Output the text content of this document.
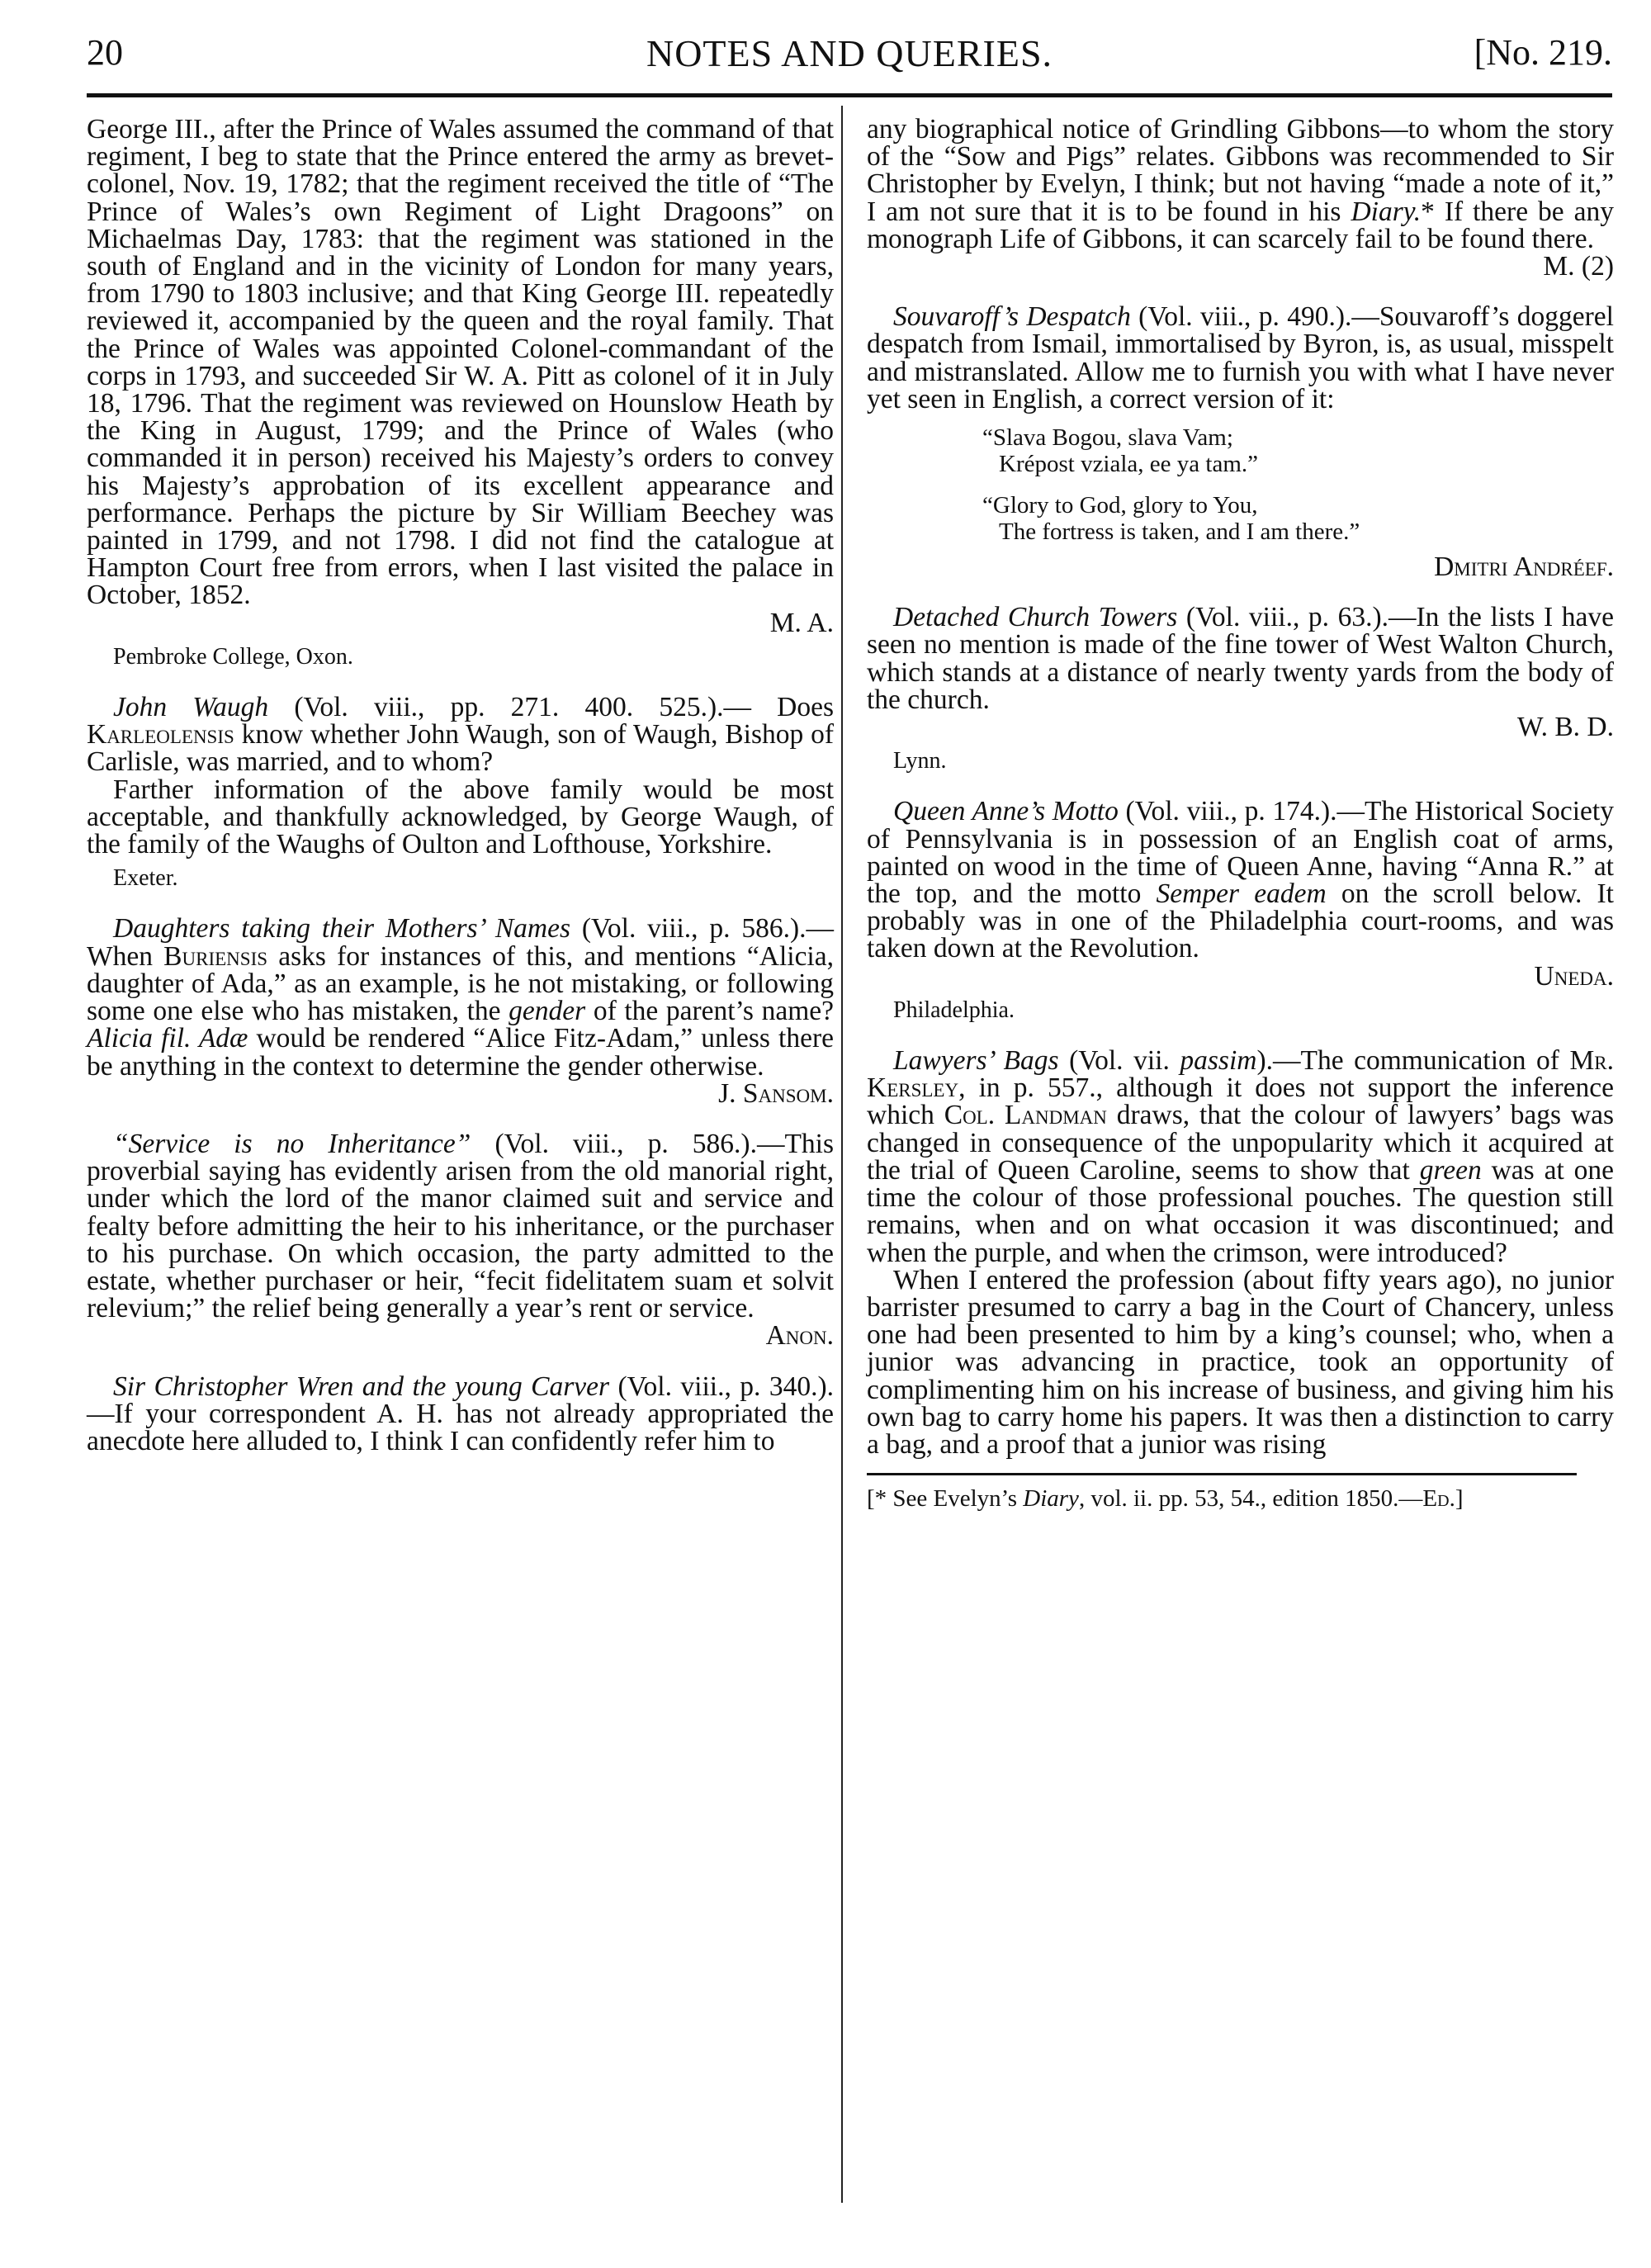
20	NOTES AND QUERIES.	[No. 219.

George III., after the Prince of Wales assumed the command of that regiment, I beg to state that the Prince entered the army as brevet-colonel, Nov. 19, 1782; that the regiment received the title of “The Prince of Wales’s own Regiment of Light Dragoons” on Michaelmas Day, 1783: that the regiment was stationed in the south of England and in the vicinity of London for many years, from 1790 to 1803 inclusive; and that King George III. repeatedly reviewed it, accompanied by the queen and the royal family. That the Prince of Wales was appointed Colonel-commandant of the corps in 1793, and succeeded Sir W. A. Pitt as colonel of it in July 18, 1796. That the regiment was reviewed on Hounslow Heath by the King in August, 1799; and the Prince of Wales (who commanded it in person) received his Majesty’s orders to convey his Majesty’s approbation of its excellent appearance and performance. Perhaps the picture by Sir William Beechey was painted in 1799, and not 1798. I did not find the catalogue at Hampton Court free from errors, when I last visited the palace in October, 1852.

M. A.
Pembroke College, Oxon.

John Waugh (Vol. viii., pp. 271. 400. 525.).— Does Karleolensis know whether John Waugh, son of Waugh, Bishop of Carlisle, was married, and to whom?

Farther information of the above family would be most acceptable, and thankfully acknowledged, by George Waugh, of the family of the Waughs of Oulton and Lofthouse, Yorkshire.

Exeter.

Daughters taking their Mothers’ Names (Vol. viii., p. 586.).—When Buriensis asks for instances of this, and mentions “Alicia, daughter of Ada,” as an example, is he not mistaking, or following some one else who has mistaken, the gender of the parent’s name? Alicia fil. Adæ would be rendered “Alice Fitz-Adam,” unless there be anything in the context to determine the gender otherwise.

J. Sansom.

“Service is no Inheritance” (Vol. viii., p. 586.).—This proverbial saying has evidently arisen from the old manorial right, under which the lord of the manor claimed suit and service and fealty before admitting the heir to his inheritance, or the purchaser to his purchase. On which occasion, the party admitted to the estate, whether purchaser or heir, “fecit fidelitatem suam et solvit relevium;” the relief being generally a year’s rent or service.

Anon.

Sir Christopher Wren and the young Carver (Vol. viii., p. 340.).—If your correspondent A. H. has not already appropriated the anecdote here alluded to, I think I can confidently refer him to

any biographical notice of Grindling Gibbons—to whom the story of the “Sow and Pigs” relates. Gibbons was recommended to Sir Christopher by Evelyn, I think; but not having “made a note of it,” I am not sure that it is to be found in his Diary.* If there be any monograph Life of Gibbons, it can scarcely fail to be found there.

M. (2)

Souvaroff’s Despatch (Vol. viii., p. 490.).—Souvaroff’s doggerel despatch from Ismail, immortalised by Byron, is, as usual, misspelt and mistranslated. Allow me to furnish you with what I have never yet seen in English, a correct version of it:

“Slava Bogou, slava Vam;
Krépost vziala, ee ya tam.”
“Glory to God, glory to You,
The fortress is taken, and I am there.”
Dmitri Andréef.

Detached Church Towers (Vol. viii., p. 63.).—In the lists I have seen no mention is made of the fine tower of West Walton Church, which stands at a distance of nearly twenty yards from the body of the church.

W. B. D.
Lynn.

Queen Anne’s Motto (Vol. viii., p. 174.).—The Historical Society of Pennsylvania is in possession of an English coat of arms, painted on wood in the time of Queen Anne, having “Anna R.” at the top, and the motto Semper eadem on the scroll below. It probably was in one of the Philadelphia court-rooms, and was taken down at the Revolution.

Uneda.
Philadelphia.

Lawyers’ Bags (Vol. vii. passim).—The communication of Mr. Kersley, in p. 557., although it does not support the inference which Col. Landman draws, that the colour of lawyers’ bags was changed in consequence of the unpopularity which it acquired at the trial of Queen Caroline, seems to show that green was at one time the colour of those professional pouches. The question still remains, when and on what occasion it was discontinued; and when the purple, and when the crimson, were introduced?

When I entered the profession (about fifty years ago), no junior barrister presumed to carry a bag in the Court of Chancery, unless one had been presented to him by a king’s counsel; who, when a junior was advancing in practice, took an opportunity of complimenting him on his increase of business, and giving him his own bag to carry home his papers. It was then a distinction to carry a bag, and a proof that a junior was rising

[* See Evelyn’s Diary, vol. ii. pp. 53, 54., edition 1850.—Ed.]
